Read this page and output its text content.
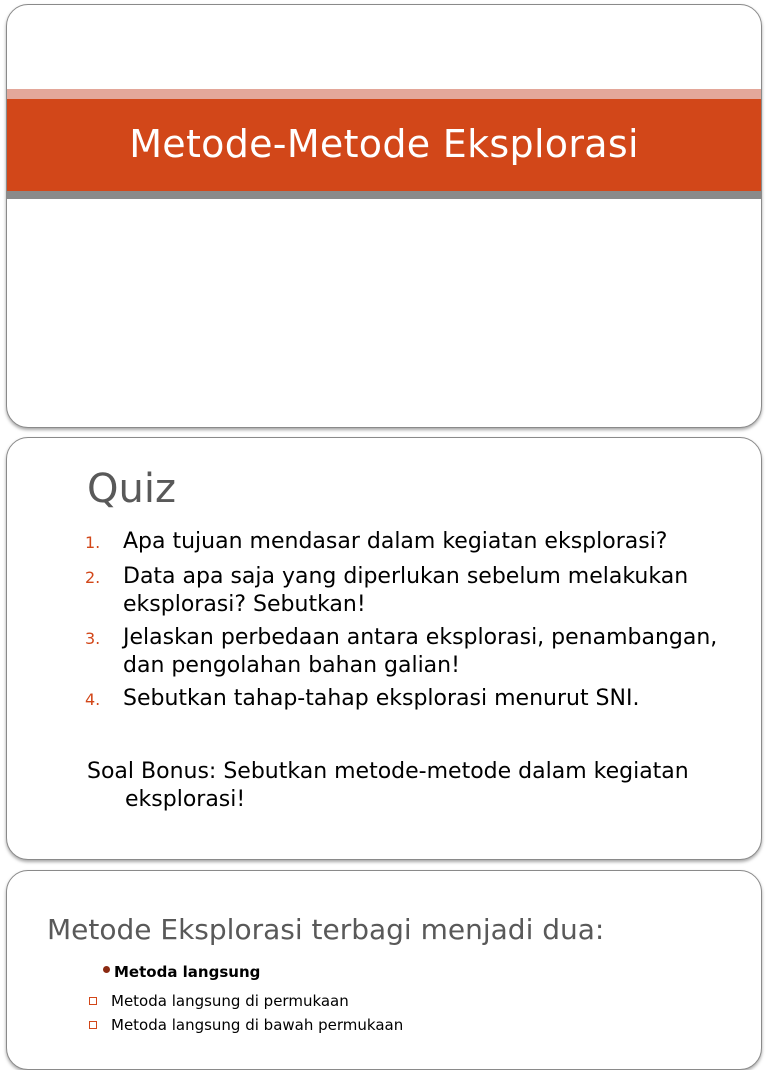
Metode-Metode Eksplorasi
Quiz
1.	Apa tujuan mendasar dalam kegiatan eksplorasi?
2.	Data apa saja yang diperlukan sebelum melakukan eksplorasi? Sebutkan!
3.	Jelaskan perbedaan antara eksplorasi, penambangan, dan pengolahan bahan galian!
4.	Sebutkan tahap-tahap eksplorasi menurut SNI.
Soal Bonus: Sebutkan metode-metode dalam kegiatan eksplorasi!
Metode Eksplorasi terbagi menjadi dua:
Metoda langsung
Metoda langsung di permukaan
Metoda langsung di bawah permukaan
